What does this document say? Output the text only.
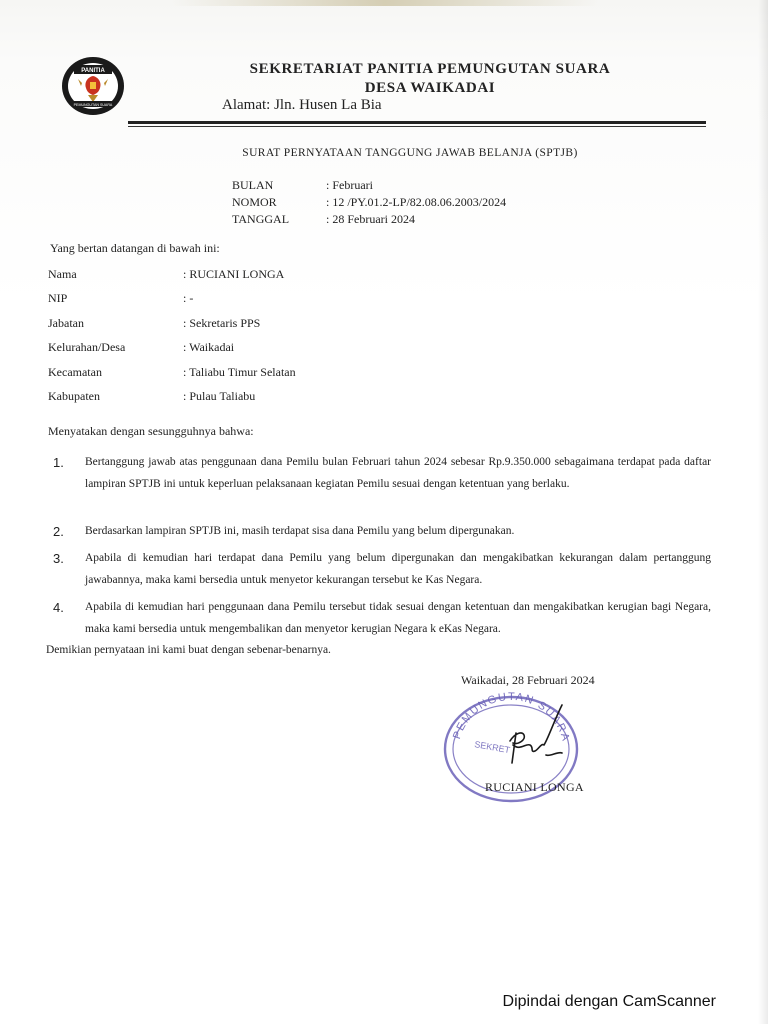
PANITIA
PEMUNGUTAN SUARA
SEKRETARIAT PANITIA PEMUNGUTAN SUARA
DESA WAIKADAI
Alamat: Jln. Husen La Bia
SURAT PERNYATAAN TANGGUNG JAWAB BELANJA (SPTJB)
BULAN	: Februari
NOMOR	: 12 /PY.01.2-LP/82.08.06.2003/2024
TANGGAL	: 28 Februari 2024
Yang bertan datangan di bawah ini:
Nama	: RUCIANI LONGA
NIP	: -
Jabatan	: Sekretaris PPS
Kelurahan/Desa	: Waikadai
Kecamatan	: Taliabu Timur Selatan
Kabupaten	: Pulau Taliabu
Menyatakan dengan sesungguhnya bahwa:
1. Bertanggung jawab atas penggunaan dana Pemilu bulan Februari tahun 2024 sebesar Rp.9.350.000 sebagaimana terdapat pada daftar lampiran SPTJB ini untuk keperluan pelaksanaan kegiatan Pemilu sesuai dengan ketentuan yang berlaku.
2. Berdasarkan lampiran SPTJB ini, masih terdapat sisa dana Pemilu yang belum dipergunakan.
3. Apabila di kemudian hari terdapat dana Pemilu yang belum dipergunakan dan mengakibatkan kekurangan dalam pertanggung jawabannya, maka kami bersedia untuk menyetor kekurangan tersebut ke Kas Negara.
4. Apabila di kemudian hari penggunaan dana Pemilu tersebut tidak sesuai dengan ketentuan dan mengakibatkan kerugian bagi Negara, maka kami bersedia untuk mengembalikan dan menyetor kerugian Negara k eKas Negara.
Demikian pernyataan ini kami buat dengan sebenar-benarnya.
PEMUNGUTAN SUARA
SEKRET
Waikadai, 28 Februari 2024
RUCIANI LONGA
Dipindai dengan CamScanner
